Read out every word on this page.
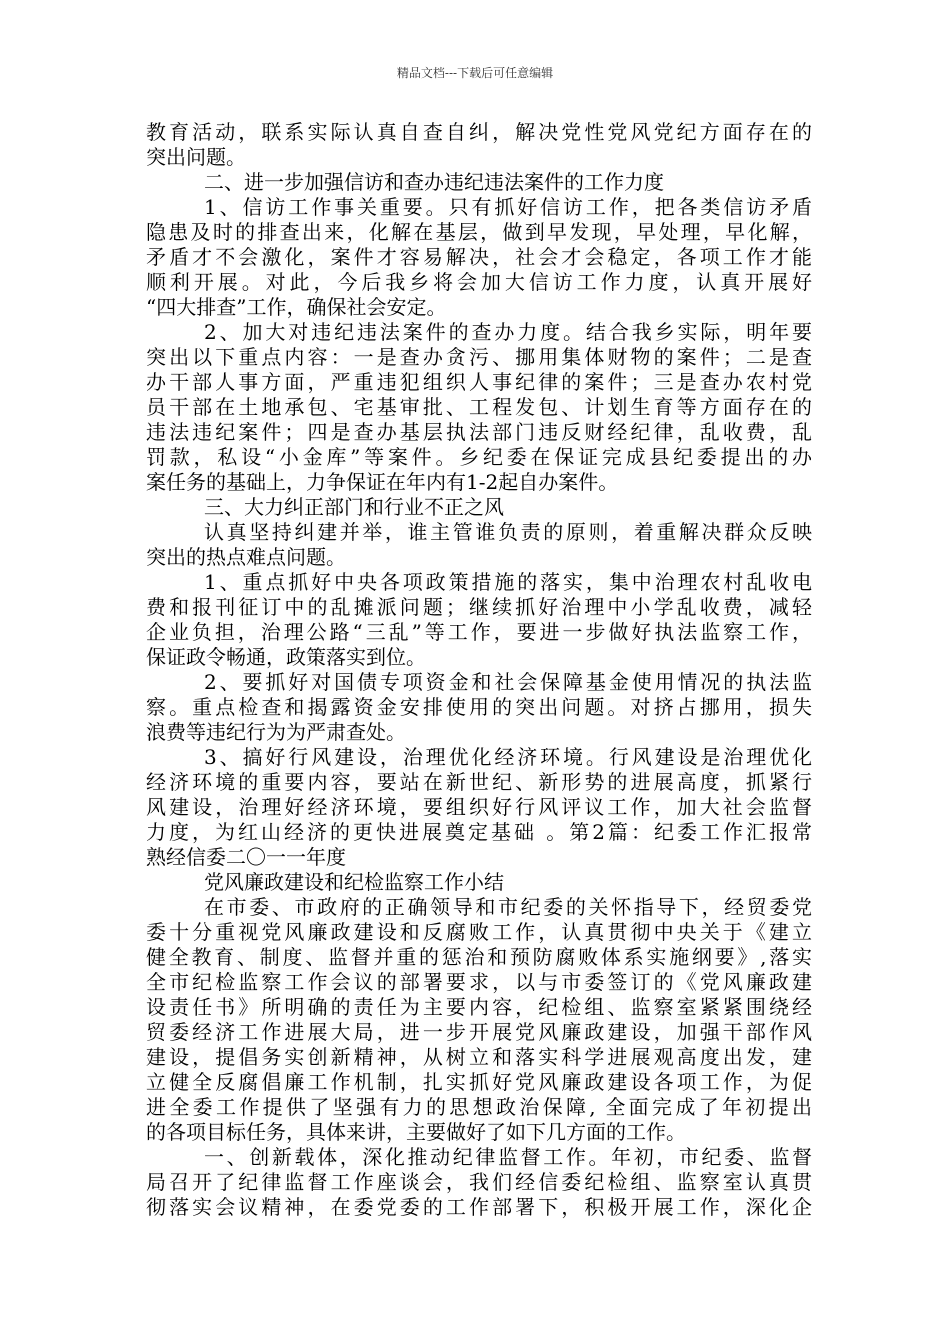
精品文档---下载后可任意编辑
教育活动，联系实际认真自查自纠，解决党性党风党纪方面存在的
突出问题。
二、进一步加强信访和查办违纪违法案件的工作力度
1、信访工作事关重要。只有抓好信访工作，把各类信访矛盾
隐患及时的排查出来，化解在基层，做到早发现，早处理，早化解，
矛盾才不会激化，案件才容易解决，社会才会稳定，各项工作才能
顺利开展。对此，今后我乡将会加大信访工作力度，认真开展好
“四大排查”工作，确保社会安定。
2、加大对违纪违法案件的查办力度。结合我乡实际，明年要
突出以下重点内容：一是查办贪污、挪用集体财物的案件；二是查
办干部人事方面，严重违犯组织人事纪律的案件；三是查办农村党
员干部在土地承包、宅基审批、工程发包、计划生育等方面存在的
违法违纪案件；四是查办基层执法部门违反财经纪律，乱收费，乱
罚款，私设“小金库”等案件。乡纪委在保证完成县纪委提出的办
案任务的基础上，力争保证在年内有1-2起自办案件。
三、大力纠正部门和行业不正之风
认真坚持纠建并举，谁主管谁负责的原则，着重解决群众反映
突出的热点难点问题。
1、重点抓好中央各项政策措施的落实，集中治理农村乱收电
费和报刊征订中的乱摊派问题；继续抓好治理中小学乱收费，减轻
企业负担，治理公路“三乱”等工作，要进一步做好执法监察工作，
保证政令畅通，政策落实到位。
2、要抓好对国债专项资金和社会保障基金使用情况的执法监
察。重点检查和揭露资金安排使用的突出问题。对挤占挪用，损失
浪费等违纪行为为严肃查处。
3、搞好行风建设，治理优化经济环境。行风建设是治理优化
经济环境的重要内容，要站在新世纪、新形势的进展高度，抓紧行
风建设，治理好经济环境，要组织好行风评议工作，加大社会监督
力度，为红山经济的更快进展奠定基础 。第2篇：纪委工作汇报常
熟经信委二〇一一年度
党风廉政建设和纪检监察工作小结
在市委、市政府的正确领导和市纪委的关怀指导下，经贸委党
委十分重视党风廉政建设和反腐败工作，认真贯彻中央关于《建立
健全教育、制度、监督并重的惩治和预防腐败体系实施纲要》,落实
全市纪检监察工作会议的部署要求，以与市委签订的《党风廉政建
设责任书》所明确的责任为主要内容，纪检组、监察室紧紧围绕经
贸委经济工作进展大局，进一步开展党风廉政建设，加强干部作风
建设，提倡务实创新精神，从树立和落实科学进展观高度出发，建
立健全反腐倡廉工作机制，扎实抓好党风廉政建设各项工作，为促
进全委工作提供了坚强有力的思想政治保障, 全面完成了年初提出
的各项目标任务，具体来讲，主要做好了如下几方面的工作。
一、创新载体，深化推动纪律监督工作。年初，市纪委、监督
局召开了纪律监督工作座谈会，我们经信委纪检组、监察室认真贯
彻落实会议精神，在委党委的工作部署下，积极开展工作，深化企
